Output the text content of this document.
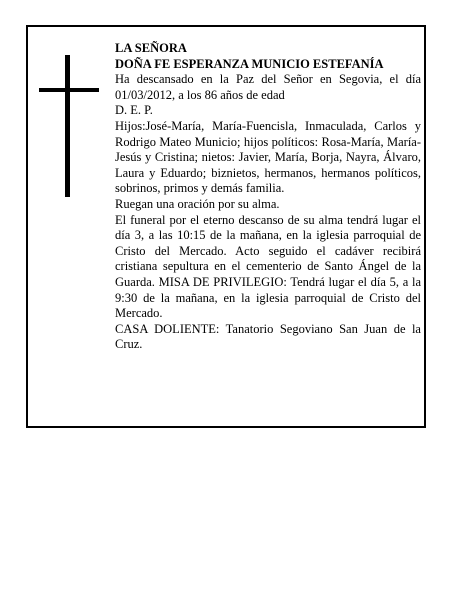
LA SEÑORA

DOÑA FE ESPERANZA MUNICIO ESTEFANÍA

Ha descansado en la Paz del Señor en Segovia, el día 01/03/2012, a los 86 años de edad

D. E. P.

Hijos:José-María, María-Fuencisla, Inmaculada, Carlos y Rodrigo Mateo Municio; hijos políticos: Rosa-María, María-Jesús y Cristina; nietos: Javier, María, Borja, Nayra, Álvaro, Laura y Eduardo; biznietos, hermanos, hermanos políticos, sobrinos, primos y demás familia.

Ruegan una oración por su alma.

El funeral por el eterno descanso de su alma tendrá lugar el día 3, a las 10:15 de la mañana, en la iglesia parroquial de Cristo del Mercado. Acto seguido el cadáver recibirá cristiana sepultura en el cementerio de Santo Ángel de la Guarda. MISA DE PRIVILEGIO: Tendrá lugar el día 5, a la 9:30 de la mañana, en la iglesia parroquial de Cristo del Mercado.

CASA DOLIENTE: Tanatorio Segoviano San Juan de la Cruz.
